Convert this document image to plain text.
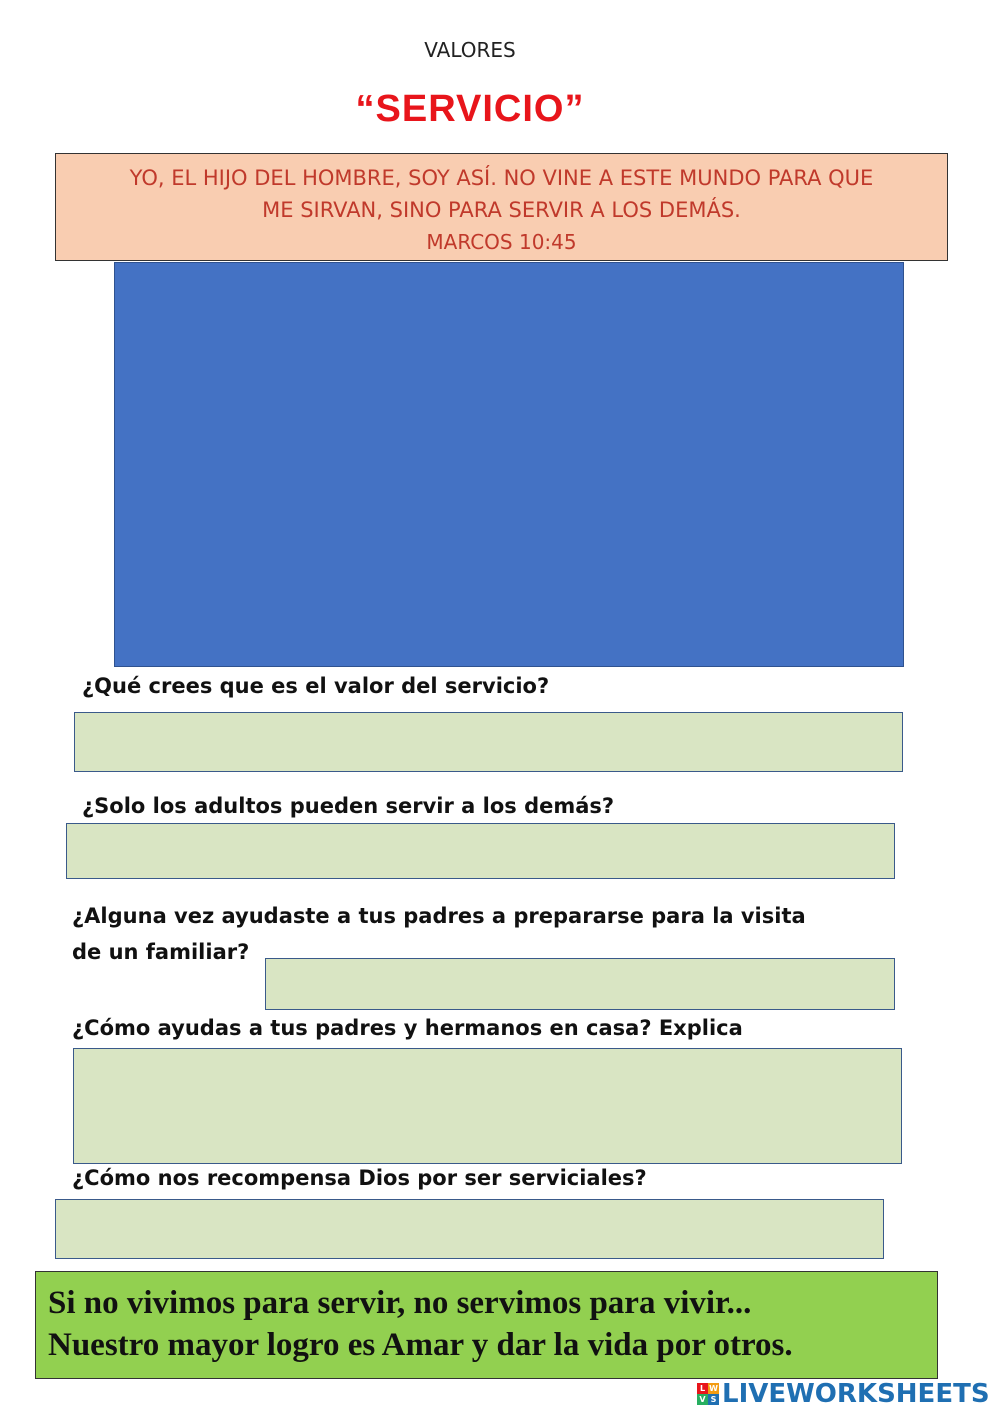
VALORES
“SERVICIO”
YO, EL HIJO DEL HOMBRE, SOY ASÍ. NO VINE A ESTE MUNDO PARA QUE
ME SIRVAN, SINO PARA SERVIR A LOS DEMÁS.
MARCOS 10:45
¿Qué crees que es el valor del servicio?
¿Solo los adultos pueden servir a los demás?
¿Alguna vez ayudaste a tus padres a prepararse para la visita
de un familiar?
¿Cómo ayudas a tus padres y hermanos en casa? Explica
¿Cómo nos recompensa Dios por ser serviciales?
Si no vivimos para servir, no servimos para vivir...
Nuestro mayor logro es Amar y dar la vida por otros.
L W
V S LIVEWORKSHEETS
